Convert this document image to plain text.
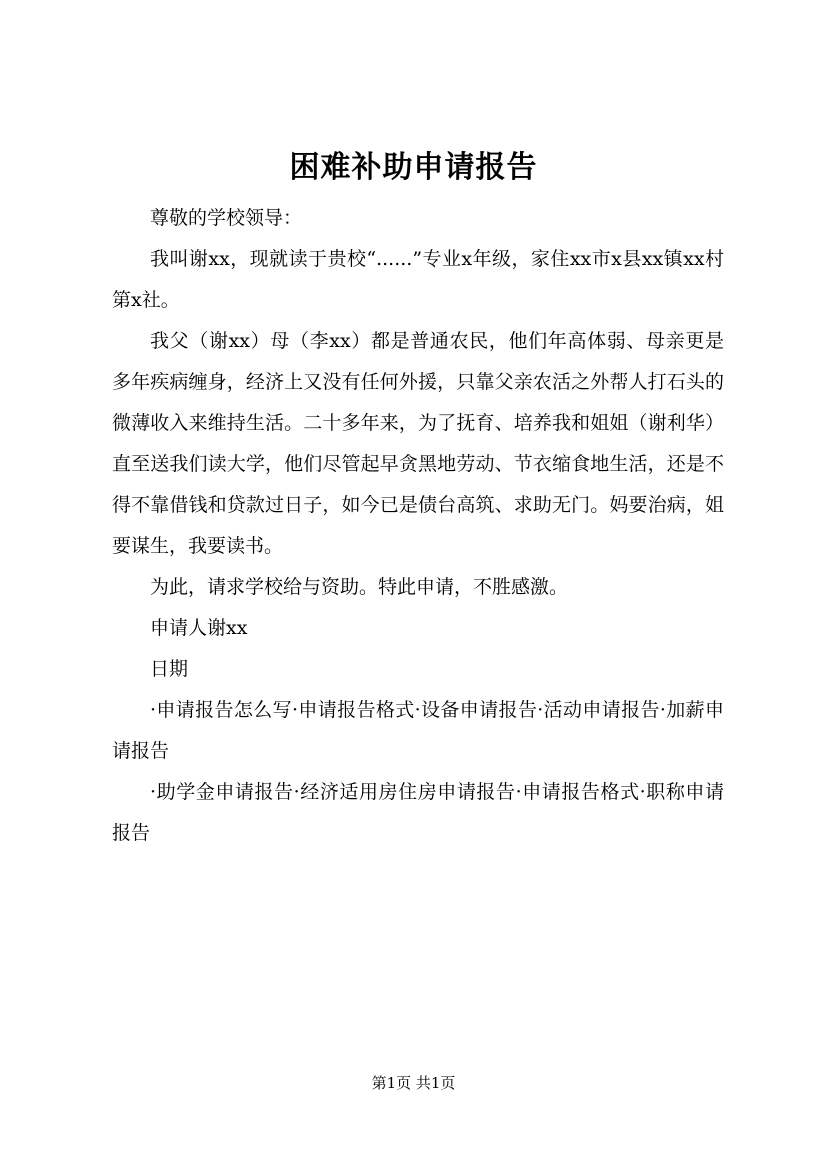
困难补助申请报告

尊敬的学校领导：

我叫谢xx，现就读于贵校“......”专业x年级，家住xx市x县xx镇xx村第x社。

我父（谢xx）母（李xx）都是普通农民，他们年高体弱、母亲更是多年疾病缠身，经济上又没有任何外援，只靠父亲农活之外帮人打石头的微薄收入来维持生活。二十多年来，为了抚育、培养我和姐姐（谢利华）直至送我们读大学，他们尽管起早贪黑地劳动、节衣缩食地生活，还是不得不靠借钱和贷款过日子，如今已是债台高筑、求助无门。妈要治病，姐要谋生，我要读书。

为此，请求学校给与资助。特此申请，不胜感激。

申请人谢xx

日期

·申请报告怎么写·申请报告格式·设备申请报告·活动申请报告·加薪申请报告

·助学金申请报告·经济适用房住房申请报告·申请报告格式·职称申请报告

第1页 共1页
